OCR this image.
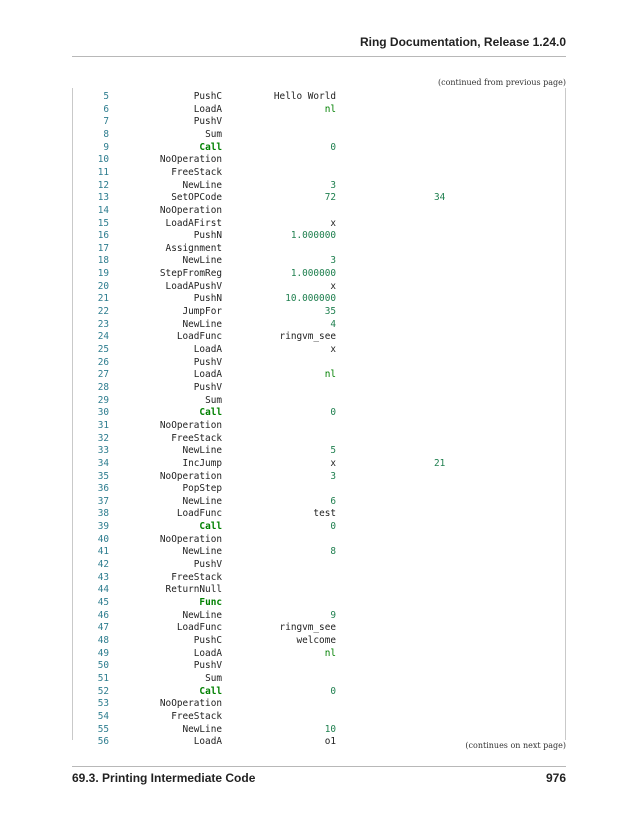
Ring Documentation, Release 1.24.0
(continued from previous page)
5	PushC	Hello World
6	LoadA	nl
7	PushV
8	Sum
9	Call	0
10	NoOperation
11	FreeStack
12	NewLine	3
13	SetOPCode	72	34
14	NoOperation
15	LoadAFirst	x
16	PushN	1.000000
17	Assignment
18	NewLine	3
19	StepFromReg	1.000000
20	LoadAPushV	x
21	PushN	10.000000
22	JumpFor	35
23	NewLine	4
24	LoadFunc	ringvm_see
25	LoadA	x
26	PushV
27	LoadA	nl
28	PushV
29	Sum
30	Call	0
31	NoOperation
32	FreeStack
33	NewLine	5
34	IncJump	x	21
35	NoOperation	3
36	PopStep
37	NewLine	6
38	LoadFunc	test
39	Call	0
40	NoOperation
41	NewLine	8
42	PushV
43	FreeStack
44	ReturnNull
45	Func
46	NewLine	9
47	LoadFunc	ringvm_see
48	PushC	welcome
49	LoadA	nl
50	PushV
51	Sum
52	Call	0
53	NoOperation
54	FreeStack
55	NewLine	10
56	LoadA	o1	(continues on next page)
69.3. Printing Intermediate Code	976
